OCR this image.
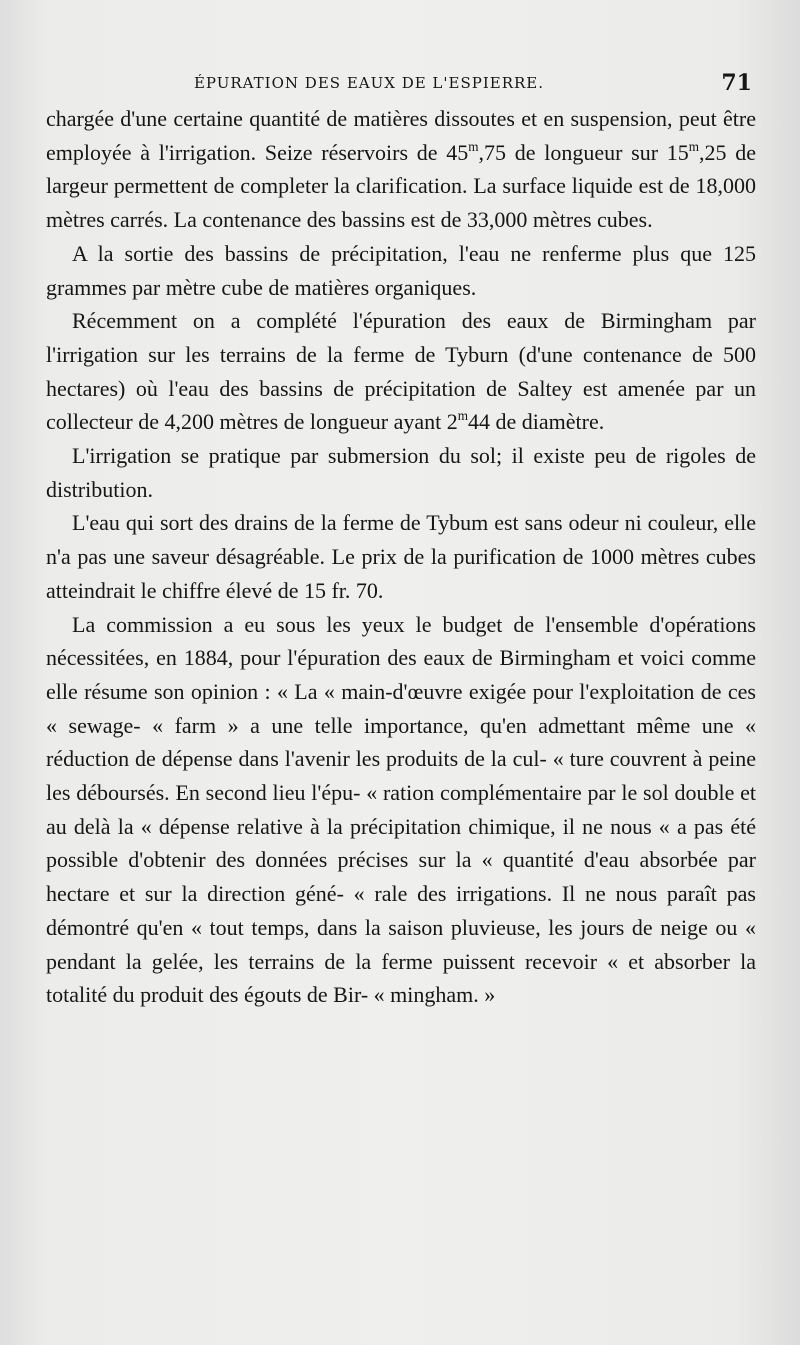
ÉPURATION DES EAUX DE L'ESPIERRE.	71

chargée d'une certaine quantité de matières dissoutes et en suspension, peut être employée à l'irrigation. Seize réservoirs de 45$^m$,75 de longueur sur 15$^m$,25 de largeur permettent de completer la clarification. La surface liquide est de 18,000 mètres carrés. La contenance des bassins est de 33,000 mètres cubes.

A la sortie des bassins de précipitation, l'eau ne renferme plus que 125 grammes par mètre cube de matières organiques.

Récemment on a complété l'épuration des eaux de Birmingham par l'irrigation sur les terrains de la ferme de Tyburn (d'une contenance de 500 hectares) où l'eau des bassins de précipitation de Saltey est amenée par un collecteur de 4,200 mètres de longueur ayant 2$^m$44 de diamètre.

L'irrigation se pratique par submersion du sol; il existe peu de rigoles de distribution.

L'eau qui sort des drains de la ferme de Tybum est sans odeur ni couleur, elle n'a pas une saveur désagréable. Le prix de la purification de 1000 mètres cubes atteindrait le chiffre élevé de 15 fr. 70.

La commission a eu sous les yeux le budget de l'ensemble d'opérations nécessitées, en 1884, pour l'épuration des eaux de Birmingham et voici comme elle résume son opinion : « La « main-d'œuvre exigée pour l'exploitation de ces « sewage- « farm » a une telle importance, qu'en admettant même une « réduction de dépense dans l'avenir les produits de la cul- « ture couvrent à peine les déboursés. En second lieu l'épu- « ration complémentaire par le sol double et au delà la « dépense relative à la précipitation chimique, il ne nous « a pas été possible d'obtenir des données précises sur la « quantité d'eau absorbée par hectare et sur la direction géné- « rale des irrigations. Il ne nous paraît pas démontré qu'en « tout temps, dans la saison pluvieuse, les jours de neige ou « pendant la gelée, les terrains de la ferme puissent recevoir « et absorber la totalité du produit des égouts de Bir- « mingham. »
